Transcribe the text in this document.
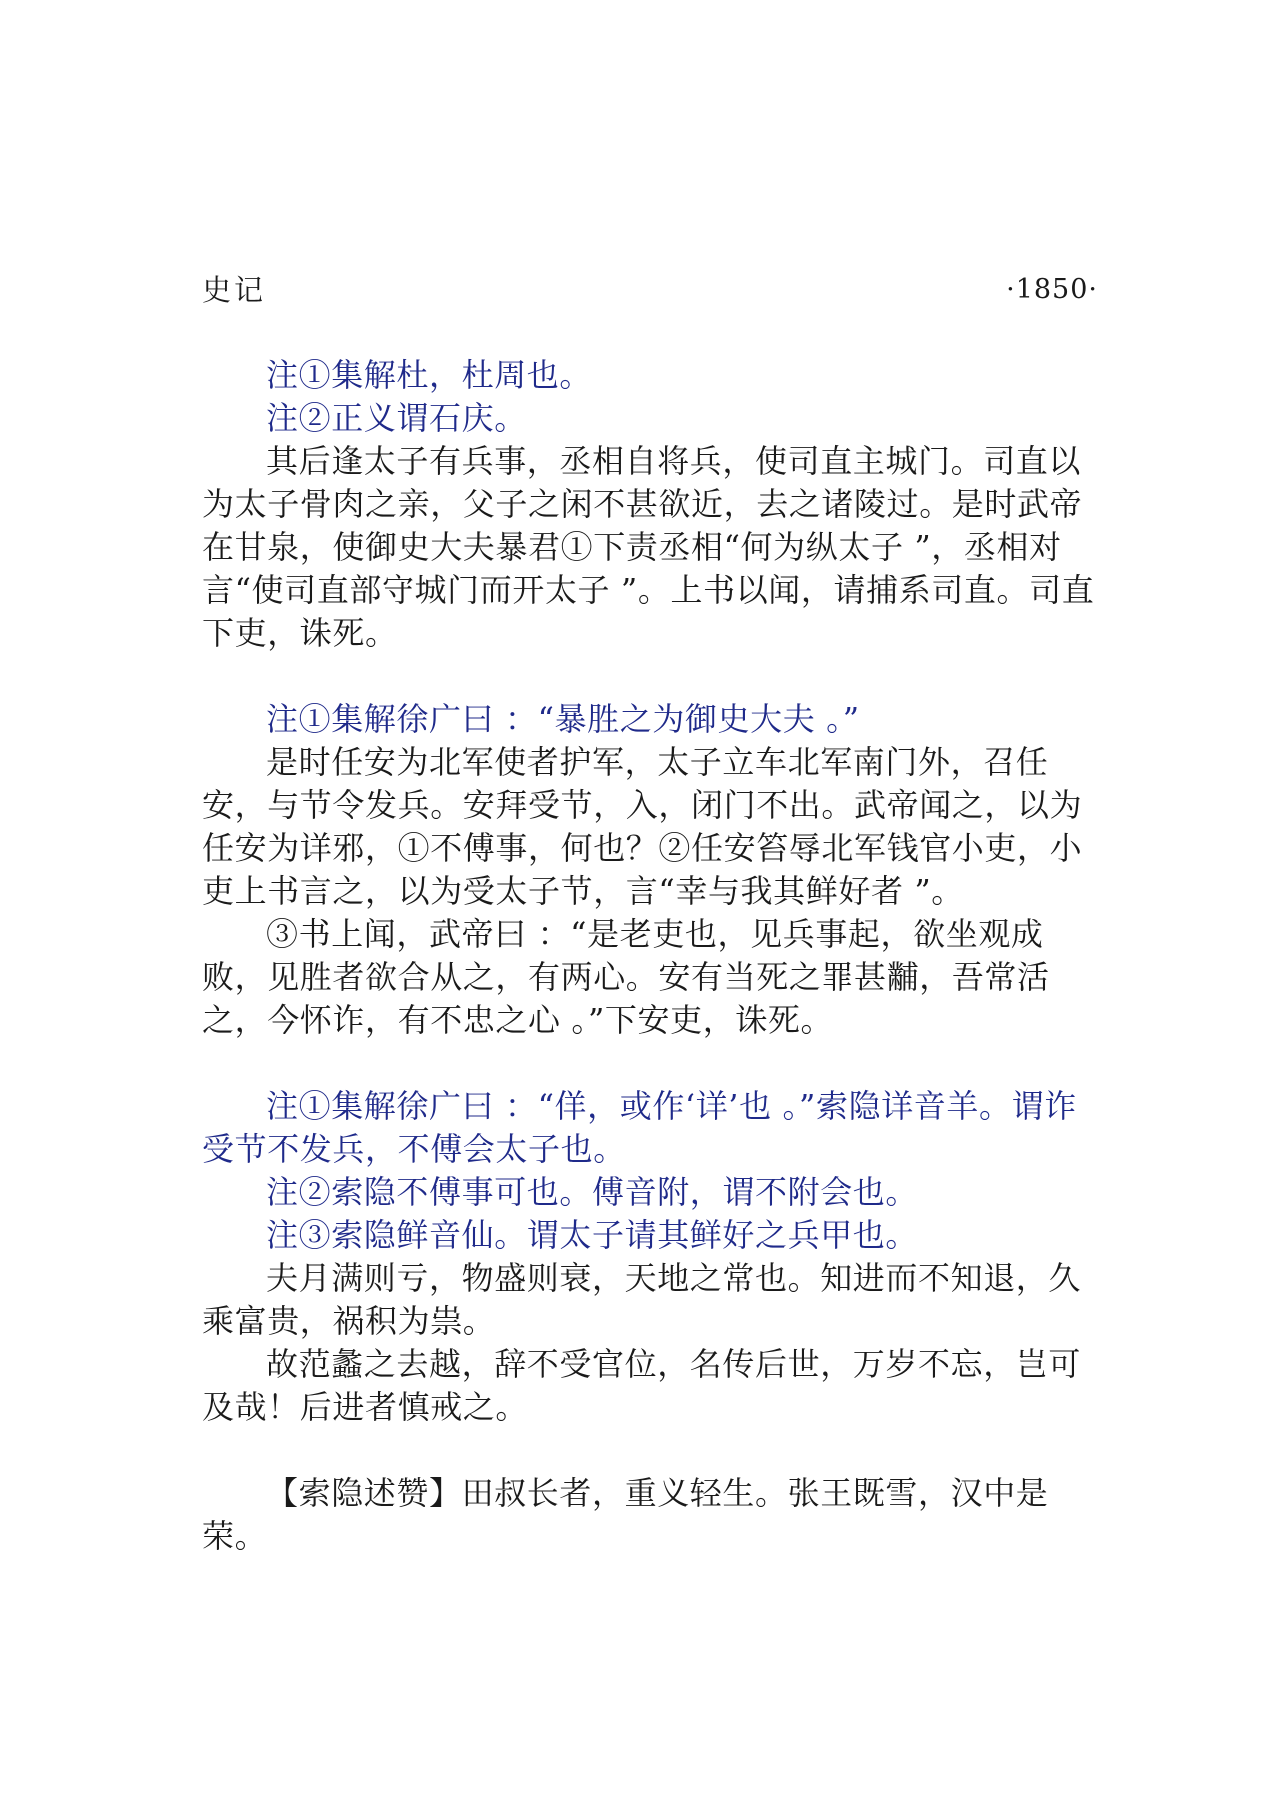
史记	·1850·

注①集解杜，杜周也。

注②正义谓石庆。

其后逢太子有兵事，丞相自将兵，使司直主城门。司直以为太子骨肉之亲，父子之闲不甚欲近，去之诸陵过。是时武帝在甘泉，使御史大夫暴君①下责丞相“何为纵太子 ”，丞相对言“使司直部守城门而开太子 ”。上书以闻，请捕系司直。司直下吏，诛死。

注①集解徐广曰 ：“暴胜之为御史大夫 。”

是时任安为北军使者护军，太子立车北军南门外，召任安，与节令发兵。安拜受节，入，闭门不出。武帝闻之，以为任安为详邪，①不傅事，何也？②任安笞辱北军钱官小吏，小吏上书言之，以为受太子节，言“幸与我其鲜好者 ”。

③书上闻，武帝曰 ：“是老吏也，见兵事起，欲坐观成败，见胜者欲合从之，有两心。安有当死之罪甚黼，吾常活之，今怀诈，有不忠之心 。”下安吏，诛死。

注①集解徐广曰 ：“佯，或作‘详’也 。”索隐详音羊。谓诈受节不发兵，不傅会太子也。

注②索隐不傅事可也。傅音附，谓不附会也。

注③索隐鲜音仙。谓太子请其鲜好之兵甲也。

夫月满则亏，物盛则衰，天地之常也。知进而不知退，久乘富贵，祸积为祟。

故范蠡之去越，辞不受官位，名传后世，万岁不忘，岂可及哉！后进者慎戒之。

【索隐述赞】田叔长者，重义轻生。张王既雪，汉中是荣。
